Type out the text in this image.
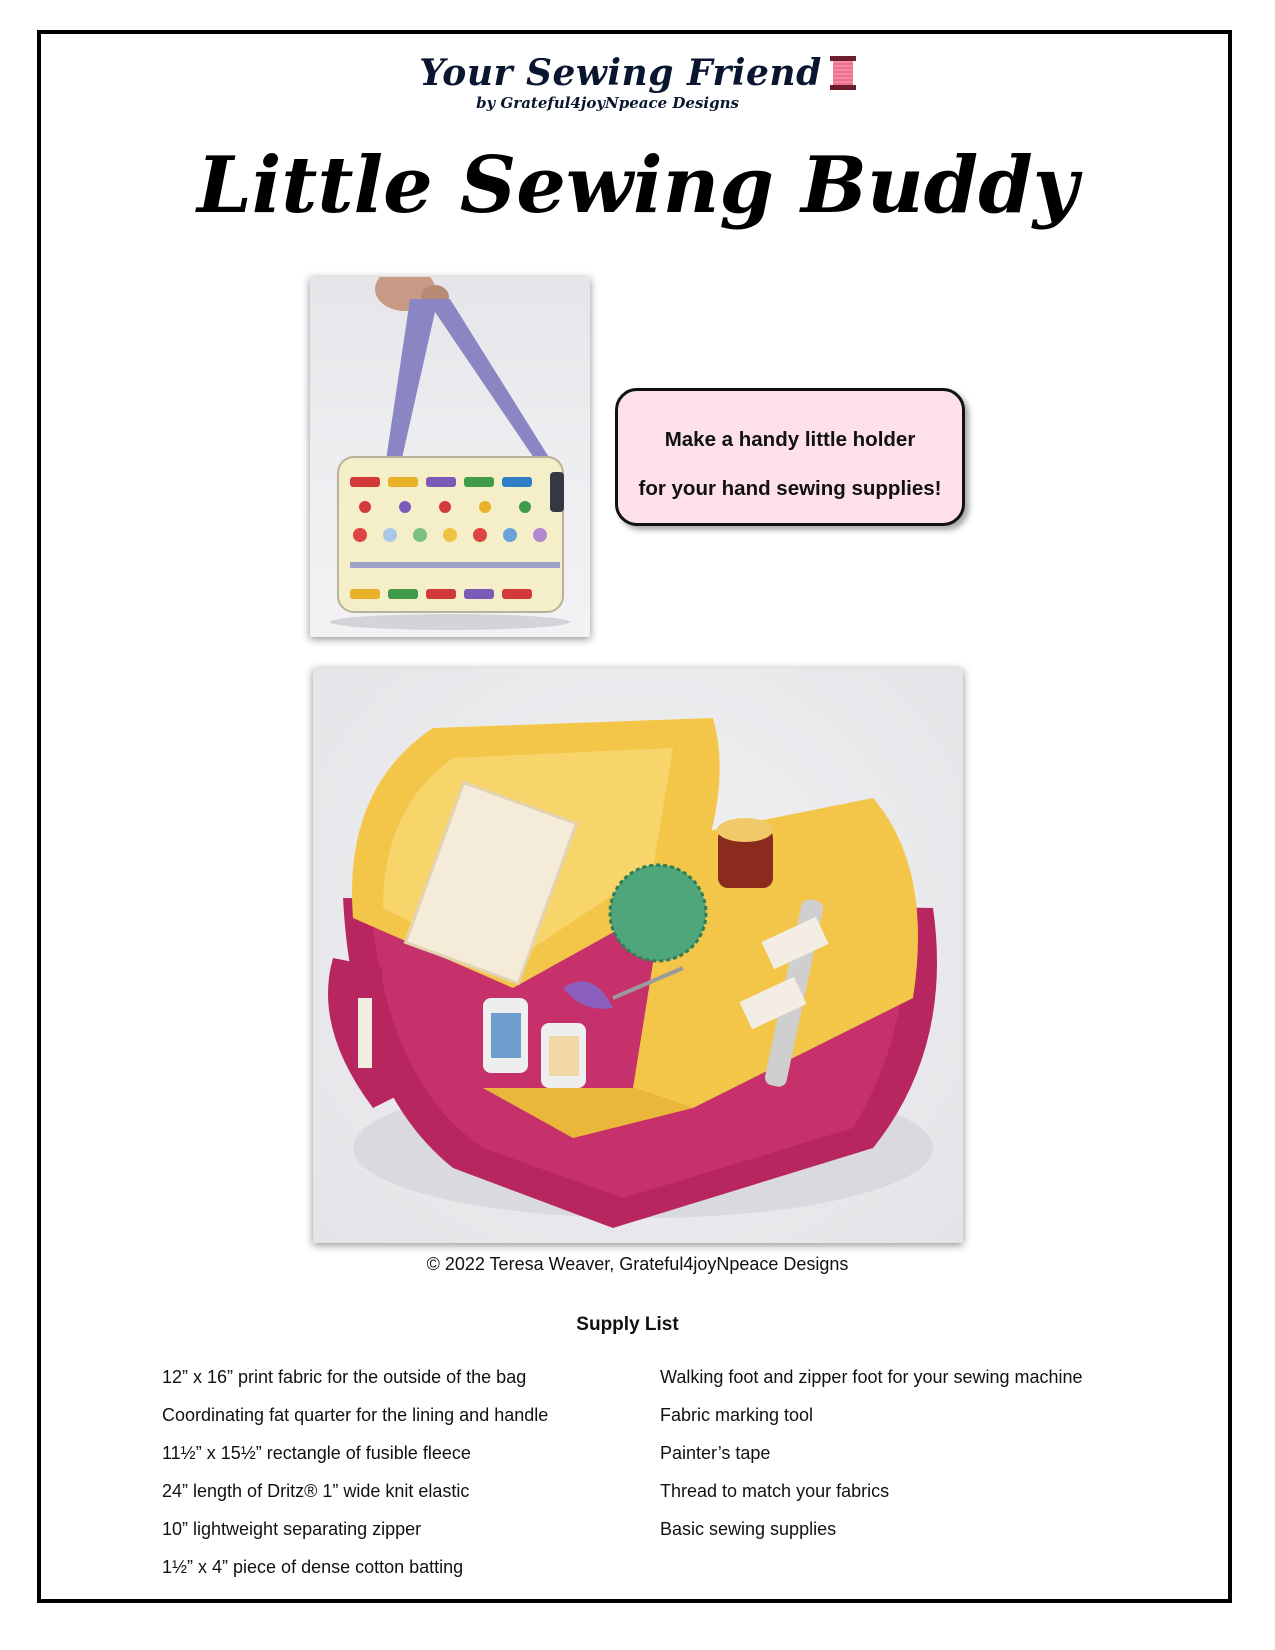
Your Sewing Friend
by Grateful4joyNpeace Designs
Little Sewing Buddy

Make a handy little holder

for your hand sewing supplies!

© 2022 Teresa Weaver, Grateful4joyNpeace Designs
Supply List
12” x 16” print fabric for the outside of the bag
Coordinating fat quarter for the lining and handle
11½” x 15½” rectangle of fusible fleece
24” length of Dritz® 1” wide knit elastic
10” lightweight separating zipper
1½” x 4” piece of dense cotton batting
Walking foot and zipper foot for your sewing machine
Fabric marking tool
Painter’s tape
Thread to match your fabrics
Basic sewing supplies
